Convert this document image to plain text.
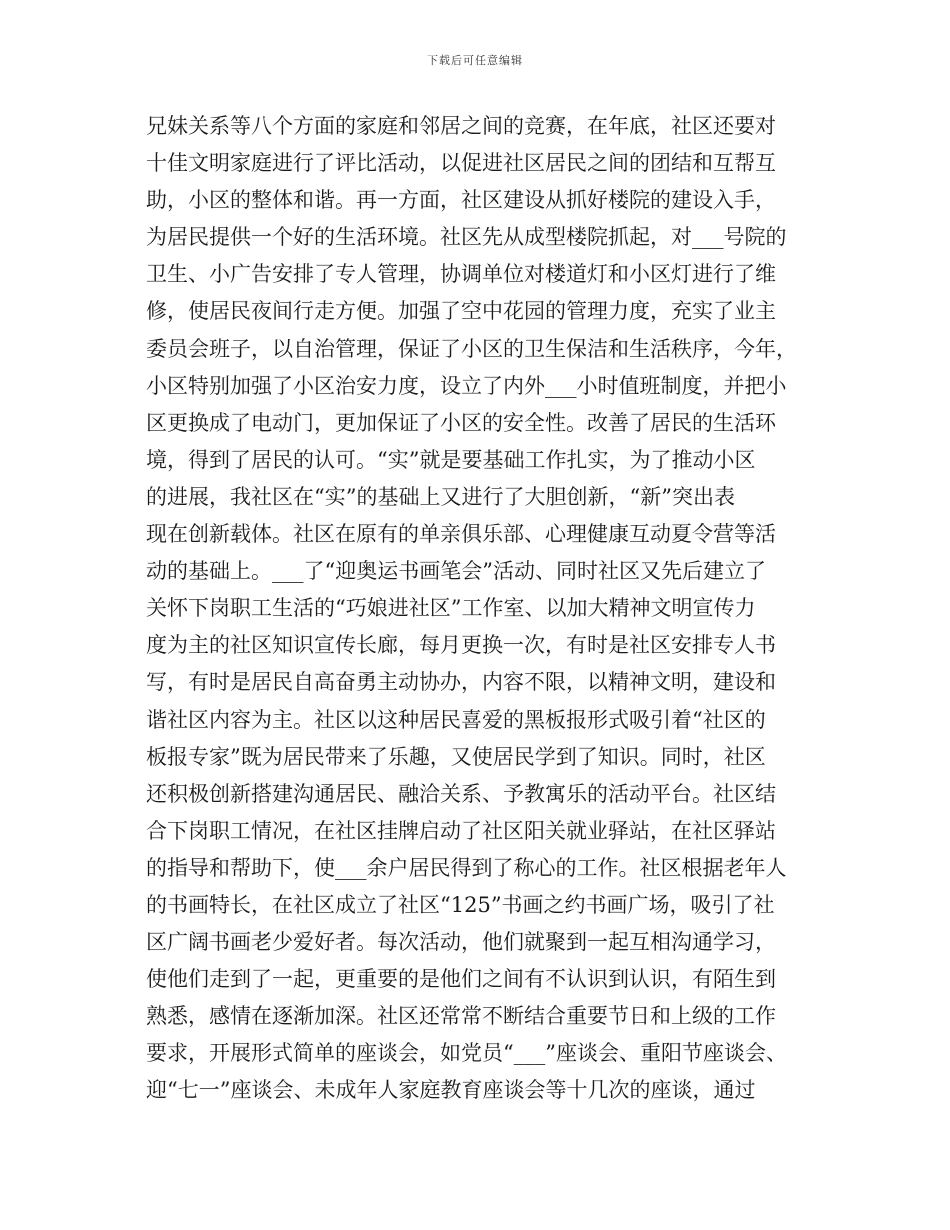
下载后可任意编辑
兄妹关系等八个方面的家庭和邻居之间的竞赛，在年底，社区还要对
十佳文明家庭进行了评比活动，以促进社区居民之间的团结和互帮互
助，小区的整体和谐。再一方面，社区建设从抓好楼院的建设入手，
为居民提供一个好的生活环境。社区先从成型楼院抓起，对___号院的
卫生、小广告安排了专人管理，协调单位对楼道灯和小区灯进行了维
修，使居民夜间行走方便。加强了空中花园的管理力度，充实了业主
委员会班子，以自治管理，保证了小区的卫生保洁和生活秩序，今年，
小区特别加强了小区治安力度，设立了内外___小时值班制度，并把小
区更换成了电动门，更加保证了小区的安全性。改善了居民的生活环
境，得到了居民的认可。“实”就是要基础工作扎实，为了推动小区
的进展，我社区在“实”的基础上又进行了大胆创新，“新”突出表
现在创新载体。社区在原有的单亲俱乐部、心理健康互动夏令营等活
动的基础上。___了“迎奥运书画笔会”活动、同时社区又先后建立了
关怀下岗职工生活的“巧娘进社区”工作室、以加大精神文明宣传力
度为主的社区知识宣传长廊，每月更换一次，有时是社区安排专人书
写，有时是居民自高奋勇主动协办，内容不限，以精神文明，建设和
谐社区内容为主。社区以这种居民喜爱的黑板报形式吸引着“社区的
板报专家”既为居民带来了乐趣，又使居民学到了知识。同时，社区
还积极创新搭建沟通居民、融洽关系、予教寓乐的活动平台。社区结
合下岗职工情况，在社区挂牌启动了社区阳关就业驿站，在社区驿站
的指导和帮助下，使___余户居民得到了称心的工作。社区根据老年人
的书画特长，在社区成立了社区“125”书画之约书画广场，吸引了社
区广阔书画老少爱好者。每次活动，他们就聚到一起互相沟通学习，
使他们走到了一起，更重要的是他们之间有不认识到认识，有陌生到
熟悉，感情在逐渐加深。社区还常常不断结合重要节日和上级的工作
要求，开展形式简单的座谈会，如党员“___”座谈会、重阳节座谈会、
迎“七一”座谈会、未成年人家庭教育座谈会等十几次的座谈，通过
